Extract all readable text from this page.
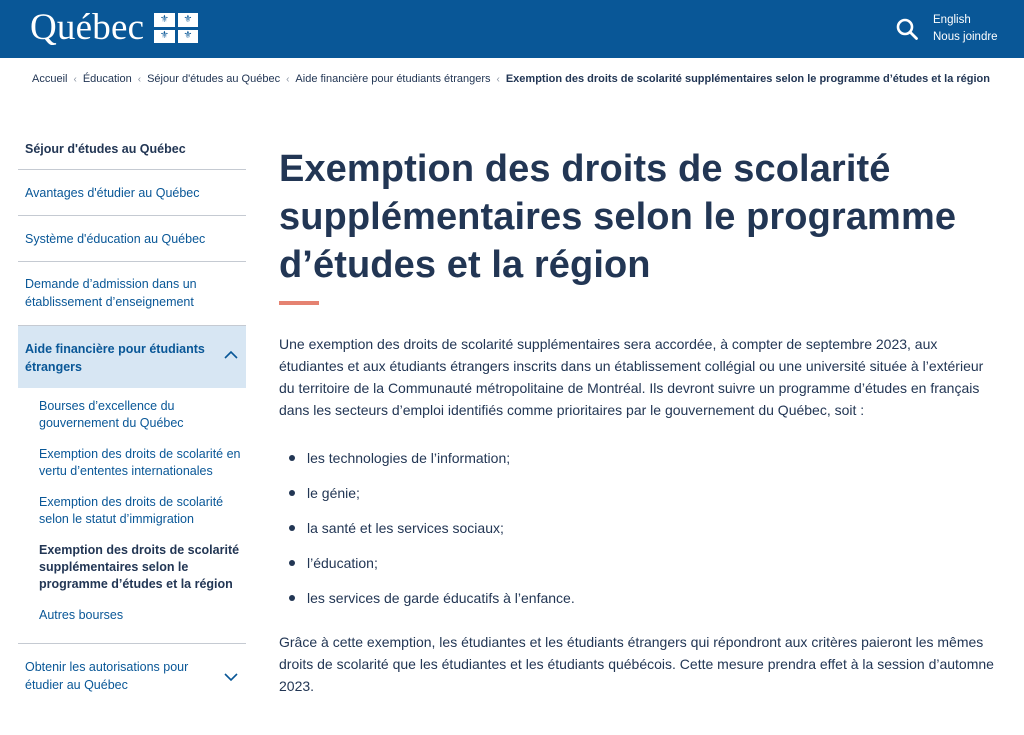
Québec	⚜	⚜
⚜	⚜
English
Nous joindre
Accueil ‹ Éducation ‹ Séjour d'études au Québec ‹ Aide financière pour étudiants étrangers ‹ Exemption des droits de scolarité supplémentaires selon le programme d’études et la région
Séjour d'études au Québec
Avantages d'étudier au Québec
Système d'éducation au Québec
Demande d’admission dans un établissement d’enseignement
Aide financière pour étudiants étrangers
Bourses d’excellence du gouvernement du Québec
Exemption des droits de scolarité en vertu d’ententes internationales
Exemption des droits de scolarité selon le statut d’immigration
Exemption des droits de scolarité supplémentaires selon le programme d’études et la région
Autres bourses
Obtenir les autorisations pour étudier au Québec
Exemption des droits de scolarité supplémentaires selon le programme d’études et la région

Une exemption des droits de scolarité supplémentaires sera accordée, à compter de septembre 2023, aux étudiantes et aux étudiants étrangers inscrits dans un établissement collégial ou une université située à l’extérieur du territoire de la Communauté métropolitaine de Montréal. Ils devront suivre un programme d’études en français dans les secteurs d’emploi identifiés comme prioritaires par le gouvernement du Québec, soit :

les technologies de l’information;
le génie;
la santé et les services sociaux;
l’éducation;
les services de garde éducatifs à l’enfance.

Grâce à cette exemption, les étudiantes et les étudiants étrangers qui répondront aux critères paieront les mêmes droits de scolarité que les étudiantes et les étudiants québécois. Cette mesure prendra effet à la session d’automne 2023.
